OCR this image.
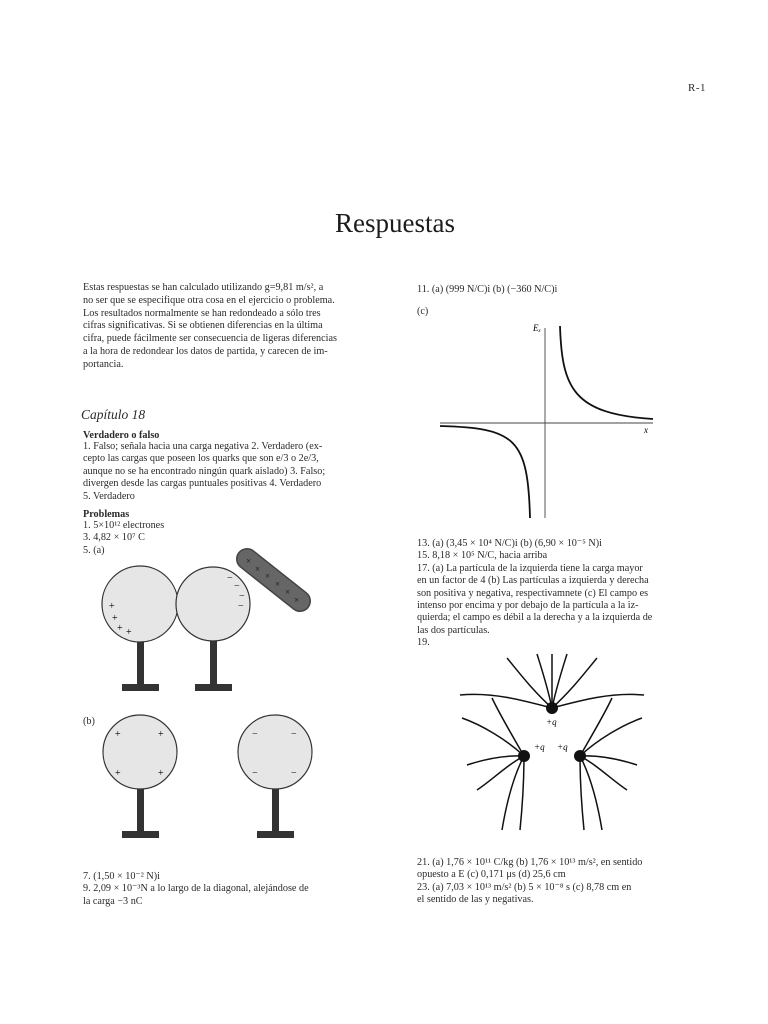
R-1
Respuestas
Estas respuestas se han calculado utilizando g=9,81 m/s², a
no ser que se especifique otra cosa en el ejercicio o problema.
Los resultados normalmente se han redondeado a sólo tres
cifras significativas. Si se obtienen diferencias en la última
cifra, puede fácilmente ser consecuencia de ligeras diferencias
a la hora de redondear los datos de partida, y carecen de im-
portancia.
Capítulo 18
Verdadero o falso
1. Falso; señala hacia una carga negativa 2. Verdadero (ex-
cepto las cargas que poseen los quarks que son e/3 o 2e/3,
aunque no se ha encontrado ningún quark aislado) 3. Falso;
divergen desde las cargas puntuales positivas 4. Verdadero
5. Verdadero
Problemas
1. 5×10¹² electrones
3. 4,82 × 10⁷ C
5. (a)
+
+
+ +
−
−
−
−
×
×
×
×
×
×
(b)
+	+
+	+
−	−
−	−
7. (1,50 × 10⁻² N)i
9. 2,09 × 10⁻³N a lo largo de la diagonal, alejándose de
la carga −3 nC
11. (a) (999 N/C)i (b) (−360 N/C)i
(c)
Eₓ
x
13. (a) (3,45 × 10⁴ N/C)i (b) (6,90 × 10⁻⁵ N)i
15. 8,18 × 10⁵ N/C, hacia arriba
17. (a) La partícula de la izquierda tiene la carga mayor
en un factor de 4 (b) Las partículas a izquierda y derecha
son positiva y negativa, respectivamnete (c) El campo es
intenso por encima y por debajo de la partícula a la iz-
quierda; el campo es débil a la derecha y a la izquierda de
las dos partículas.
19.
+q
+q +q
21. (a) 1,76 × 10¹¹ C/kg (b) 1,76 × 10¹³ m/s², en sentido
opuesto a E (c) 0,171 μs (d) 25,6 cm
23. (a) 7,03 × 10¹³ m/s² (b) 5 × 10⁻⁸ s (c) 8,78 cm en
el sentido de las y negativas.
